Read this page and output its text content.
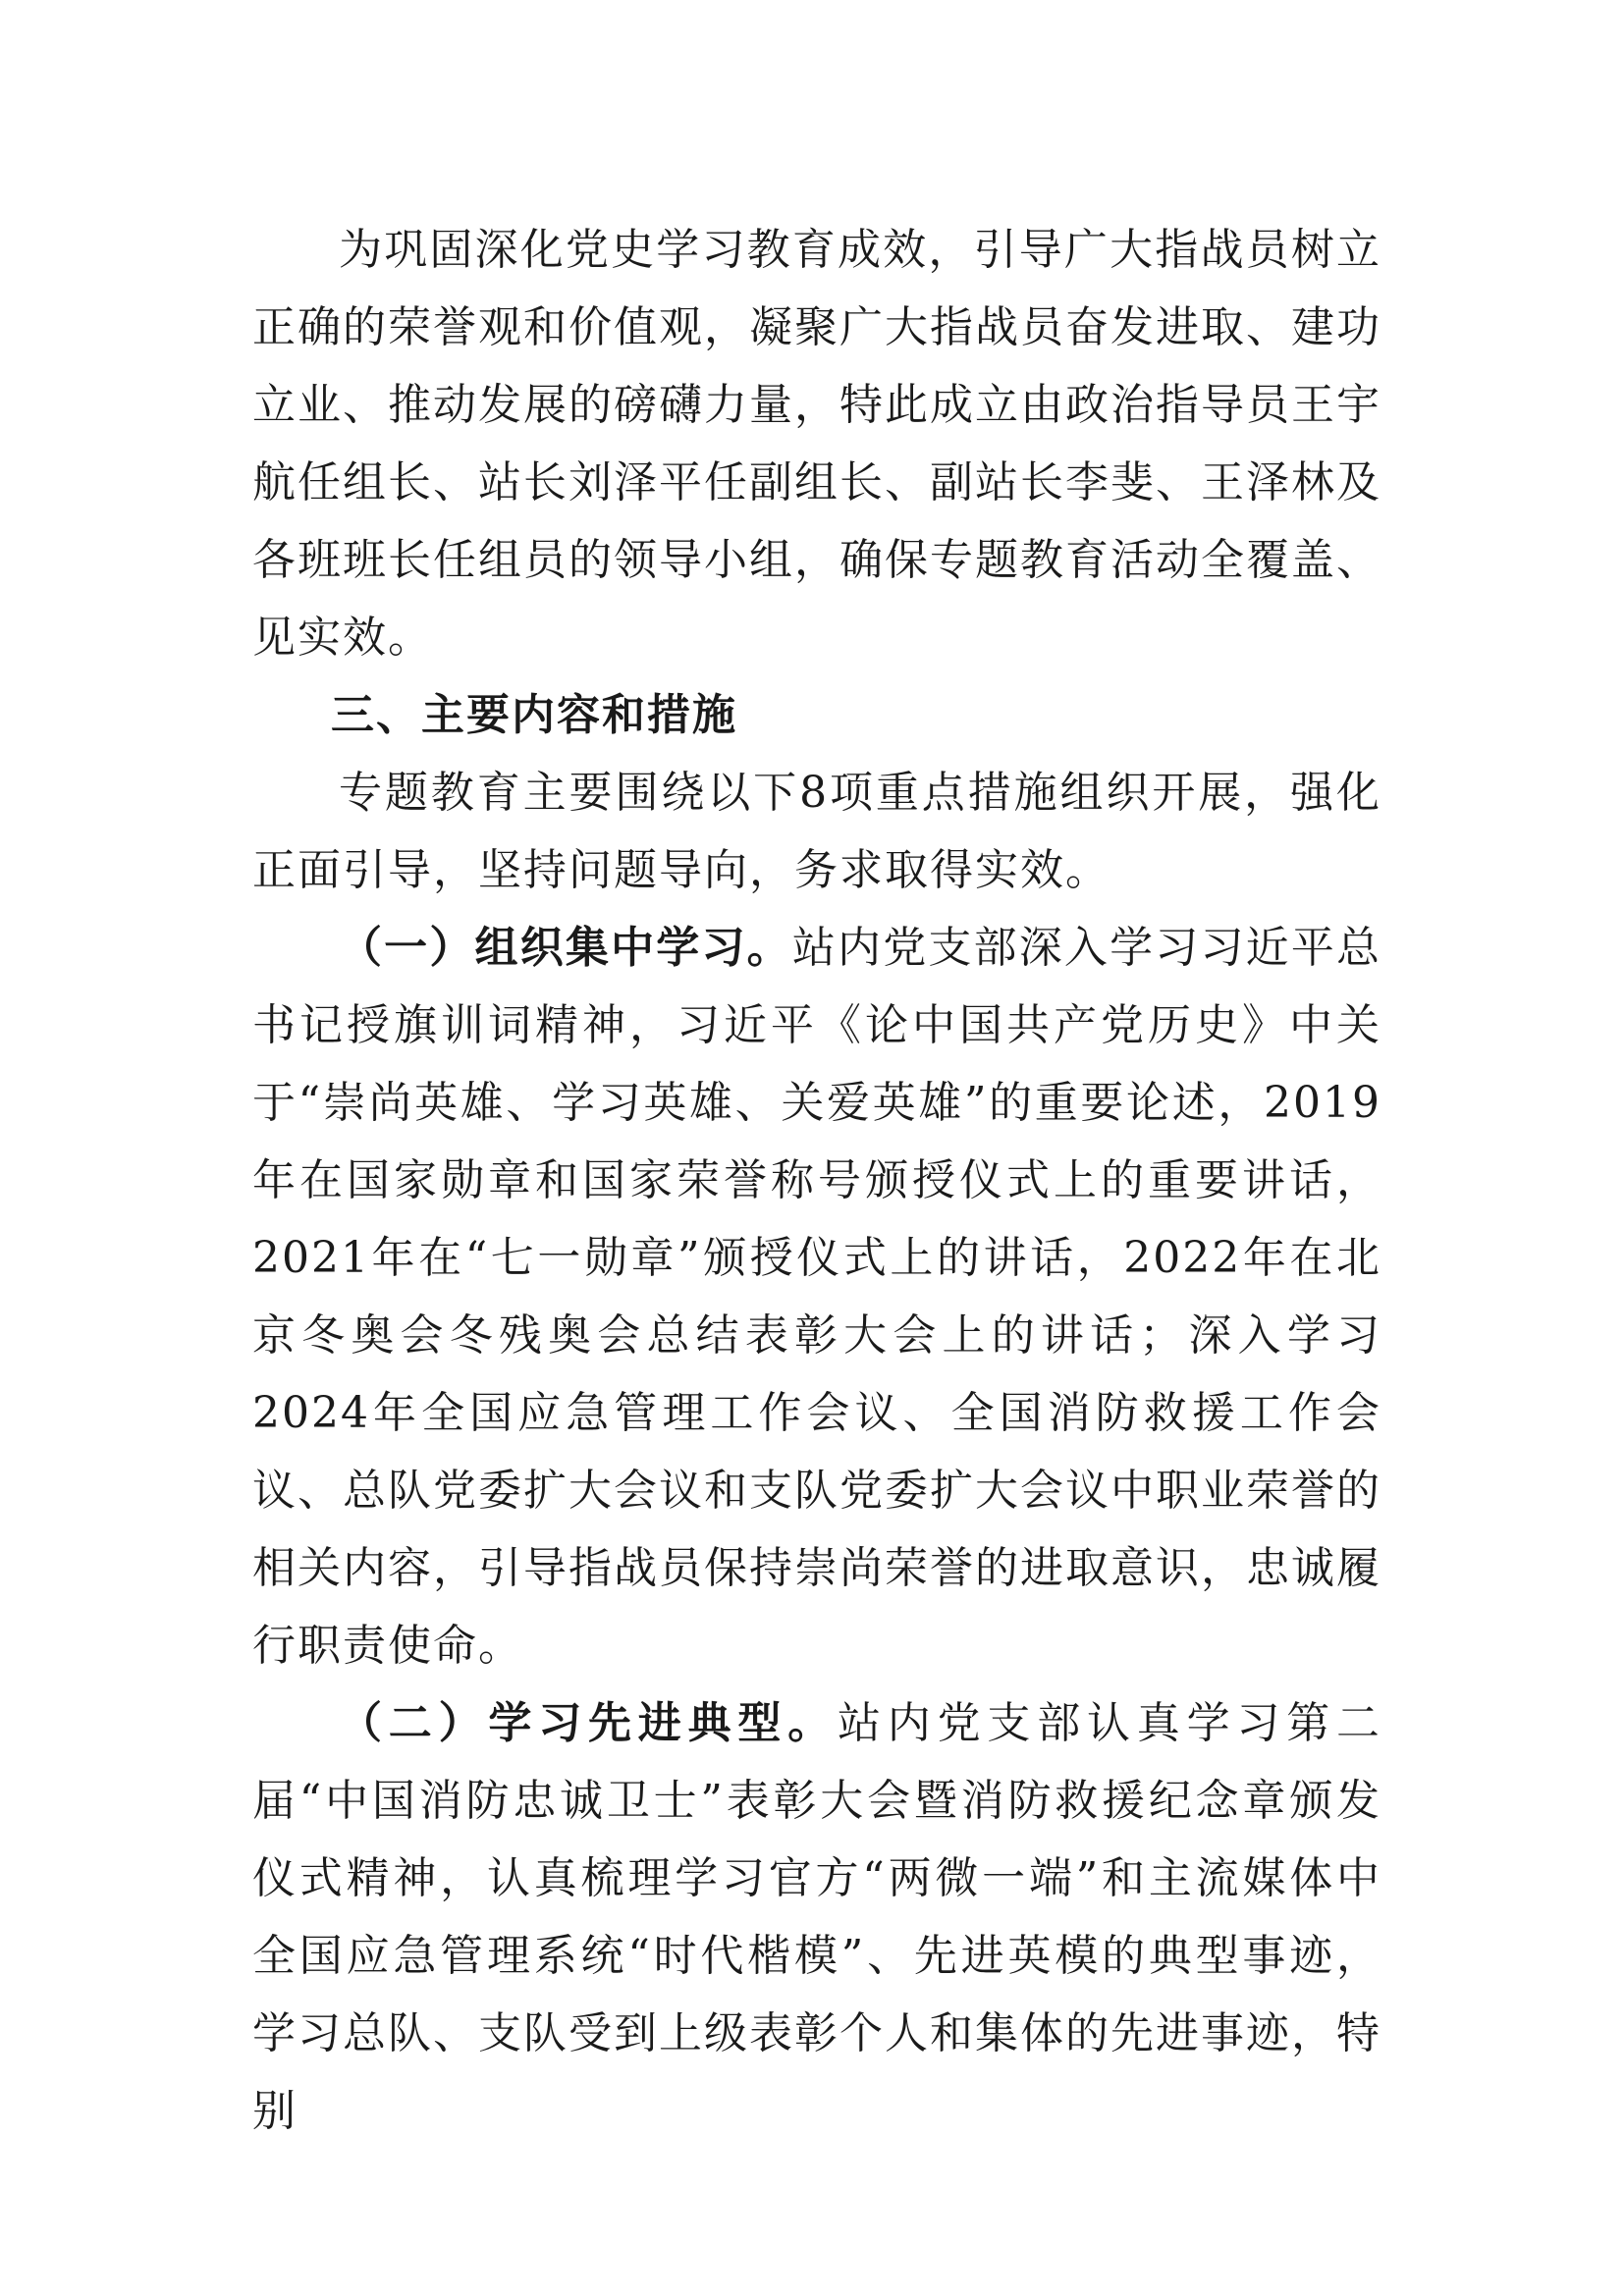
为巩固深化党史学习教育成效，引导广大指战员树立正确的荣誉观和价值观，凝聚广大指战员奋发进取、建功立业、推动发展的磅礴力量，特此成立由政治指导员王宇航任组长、站长刘泽平任副组长、副站长李斐、王泽林及各班班长任组员的领导小组，确保专题教育活动全覆盖、见实效。

三、主要内容和措施

专题教育主要围绕以下8项重点措施组织开展，强化正面引导，坚持问题导向，务求取得实效。

（一）组织集中学习。站内党支部深入学习习近平总书记授旗训词精神，习近平《论中国共产党历史》中关于“崇尚英雄、学习英雄、关爱英雄”的重要论述，2019年在国家勋章和国家荣誉称号颁授仪式上的重要讲话，2021年在“七一勋章”颁授仪式上的讲话，2022年在北京冬奥会冬残奥会总结表彰大会上的讲话；深入学习2024年全国应急管理工作会议、全国消防救援工作会议、总队党委扩大会议和支队党委扩大会议中职业荣誉的相关内容，引导指战员保持崇尚荣誉的进取意识，忠诚履行职责使命。

（二）学习先进典型。站内党支部认真学习第二届“中国消防忠诚卫士”表彰大会暨消防救援纪念章颁发仪式精神，认真梳理学习官方“两微一端”和主流媒体中全国应急管理系统“时代楷模”、先进英模的典型事迹，学习总队、支队受到上级表彰个人和集体的先进事迹，特别
